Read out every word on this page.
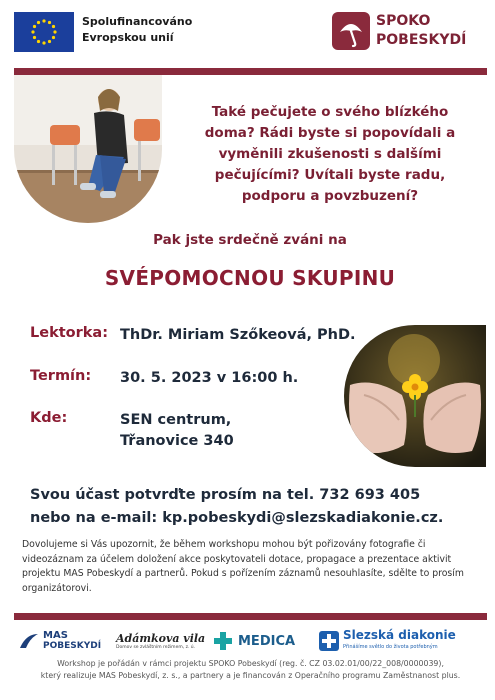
Spolufinancováno
Evropskou unií
SPOKO
POBESKYDÍ
Také pečujete o svého blízkého
doma? Rádi byste si popovídali a
vyměnili zkušenosti s dalšími
pečujícími? Uvítali byste radu,
podporu a povzbuzení?
Pak jste srdečně zváni na
SVÉPOMOCNOU SKUPINU
Lektorka: ThDr. Miriam Szőkeová, PhD.
Termín: 30. 5. 2023 v 16:00 h.
Kde:	SEN centrum,
Třanovice 340
Svou účast potvrďte prosím na tel. 732 693 405
nebo na e-mail: kp.pobeskydi@slezskadiakonie.cz.
Dovolujeme si Vás upozornit, že během workshopu mohou být pořizovány fotografie či videozáznam za účelem doložení akce poskytovateli dotace, propagace a prezentace aktivit projektu MAS Pobeskydí a partnerů. Pokud s pořízením záznamů nesouhlasíte, sdělte to prosím organizátorovi.
MAS
POBESKYDÍ
Adámkova vila
Domov se zvláštním režimem, z. ú.	MEDICA	Slezská diakonie
Přinášíme světlo do života potřebným
Workshop je pořádán v rámci projektu SPOKO Pobeskydí (reg. č. CZ 03.02.01/00/22_008/0000039),
který realizuje MAS Pobeskydí, z. s., a partnery a je financován z Operačního programu Zaměstnanost plus.
